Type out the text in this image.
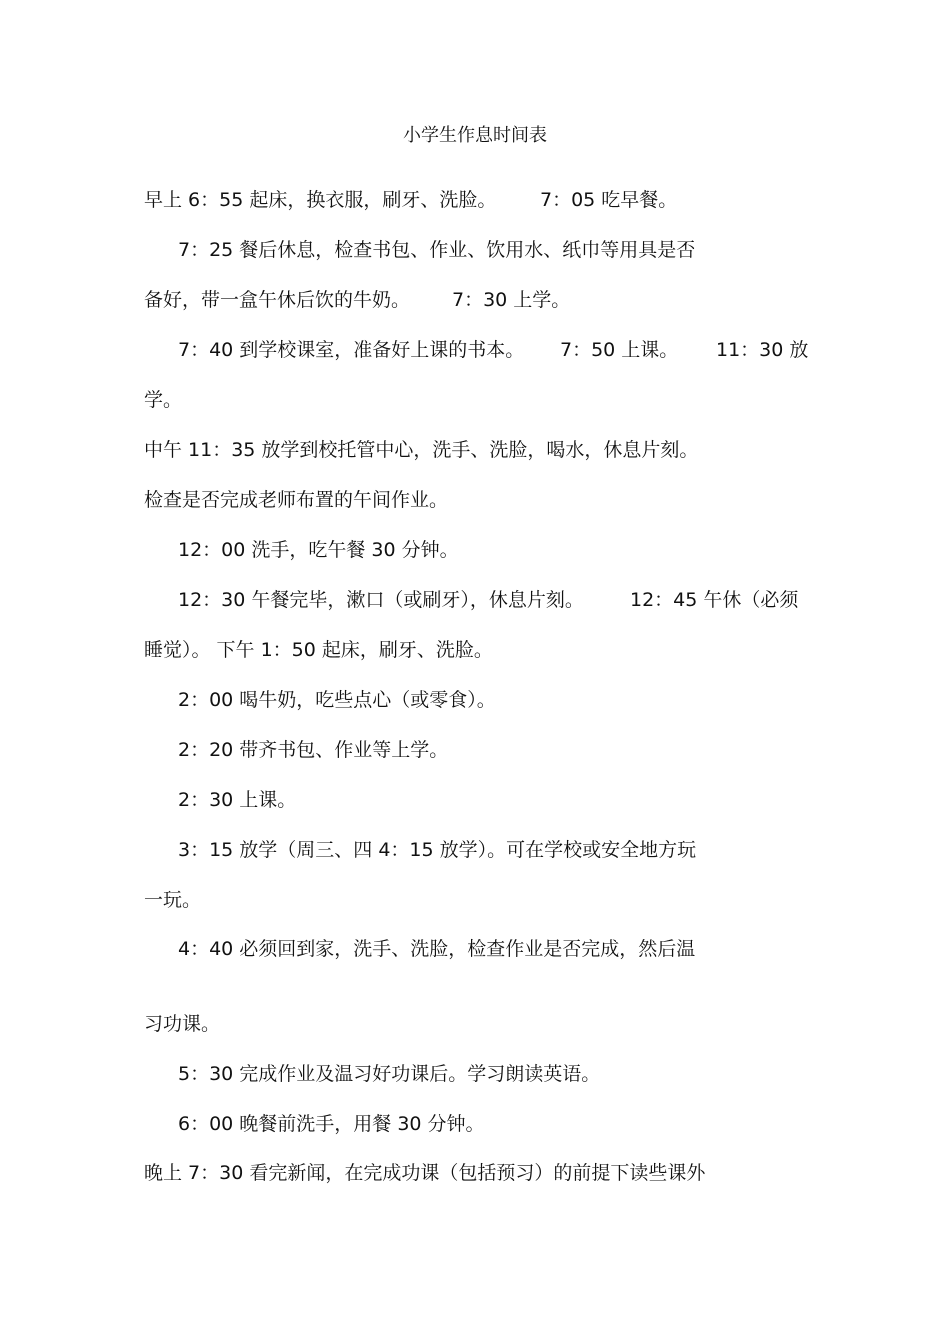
小学生作息时间表
早上 6：55 起床，换衣服，刷牙、洗脸。 7：05 吃早餐。
7：25 餐后休息，检查书包、作业、饮用水、纸巾等用具是否
备好，带一盒午休后饮的牛奶。 7：30 上学。
7：40 到学校课室，准备好上课的书本。 7：50 上课。 11：30 放
学。
中午 11：35 放学到校托管中心，洗手、洗脸，喝水，休息片刻。
检查是否完成老师布置的午间作业。
12：00 洗手，吃午餐 30 分钟。
12：30 午餐完毕，漱口（或刷牙），休息片刻。 12：45 午休（必须
睡觉）。 下午 1：50 起床，刷牙、洗脸。
2：00 喝牛奶，吃些点心（或零食）。
2：20 带齐书包、作业等上学。
2：30 上课。
3：15 放学（周三、四 4：15 放学）。可在学校或安全地方玩
一玩。
4：40 必须回到家，洗手、洗脸，检查作业是否完成，然后温
习功课。
5：30 完成作业及温习好功课后。学习朗读英语。
6：00 晚餐前洗手，用餐 30 分钟。
晚上 7：30 看完新闻，在完成功课（包括预习）的前提下读些课外
